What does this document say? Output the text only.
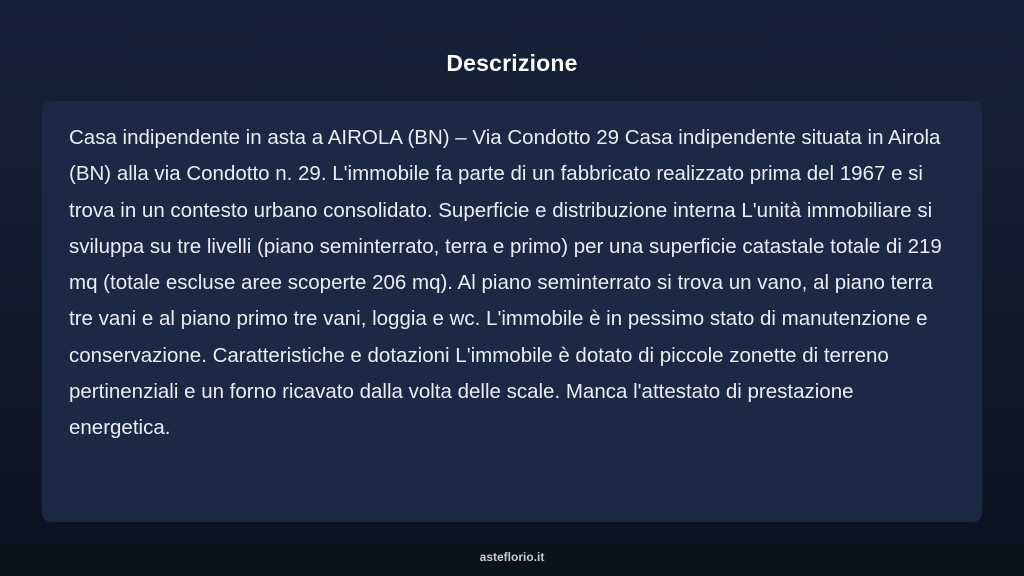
Descrizione

Casa indipendente in asta a AIROLA (BN) – Via Condotto 29 Casa indipendente situata in Airola (BN) alla via Condotto n. 29. L'immobile fa parte di un fabbricato realizzato prima del 1967 e si trova in un contesto urbano consolidato. Superficie e distribuzione interna L'unità immobiliare si sviluppa su tre livelli (piano seminterrato, terra e primo) per una superficie catastale totale di 219 mq (totale escluse aree scoperte 206 mq). Al piano seminterrato si trova un vano, al piano terra tre vani e al piano primo tre vani, loggia e wc. L'immobile è in pessimo stato di manutenzione e conservazione. Caratteristiche e dotazioni L'immobile è dotato di piccole zonette di terreno pertinenziali e un forno ricavato dalla volta delle scale. Manca l'attestato di prestazione energetica.

asteflorio.it
